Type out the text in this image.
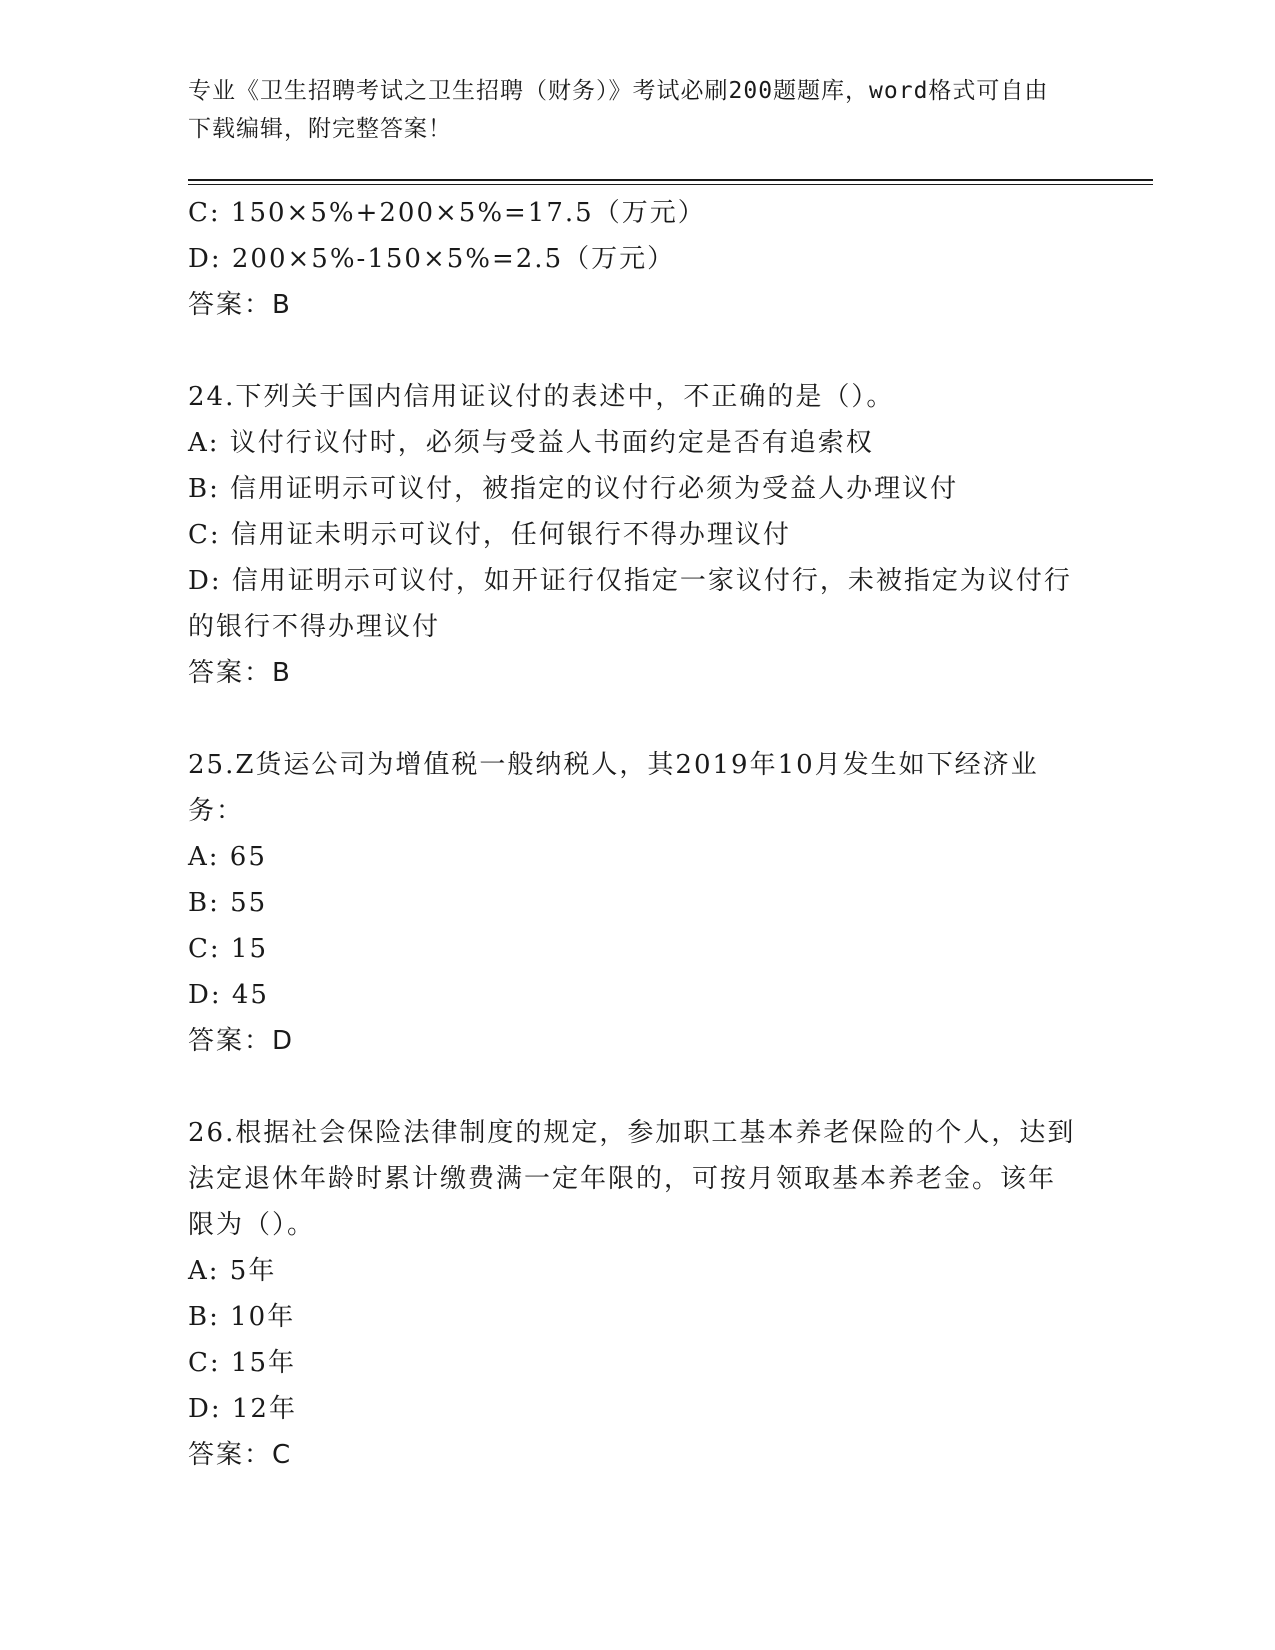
专业《卫生招聘考试之卫生招聘（财务）》考试必刷200题题库，word格式可自由下载编辑，附完整答案！
C: 150×5%+200×5%=17.5（万元）
D: 200×5%-150×5%=2.5（万元）
答案：B
24.下列关于国内信用证议付的表述中，不正确的是（）。
A: 议付行议付时，必须与受益人书面约定是否有追索权
B: 信用证明示可议付，被指定的议付行必须为受益人办理议付
C: 信用证未明示可议付，任何银行不得办理议付
D: 信用证明示可议付，如开证行仅指定一家议付行，未被指定为议付行的银行不得办理议付
答案：B
25.Z货运公司为增值税一般纳税人，其2019年10月发生如下经济业务：
A: 65
B: 55
C: 15
D: 45
答案：D
26.根据社会保险法律制度的规定，参加职工基本养老保险的个人，达到法定退休年龄时累计缴费满一定年限的，可按月领取基本养老金。该年限为（）。
A: 5年
B: 10年
C: 15年
D: 12年
答案：C
